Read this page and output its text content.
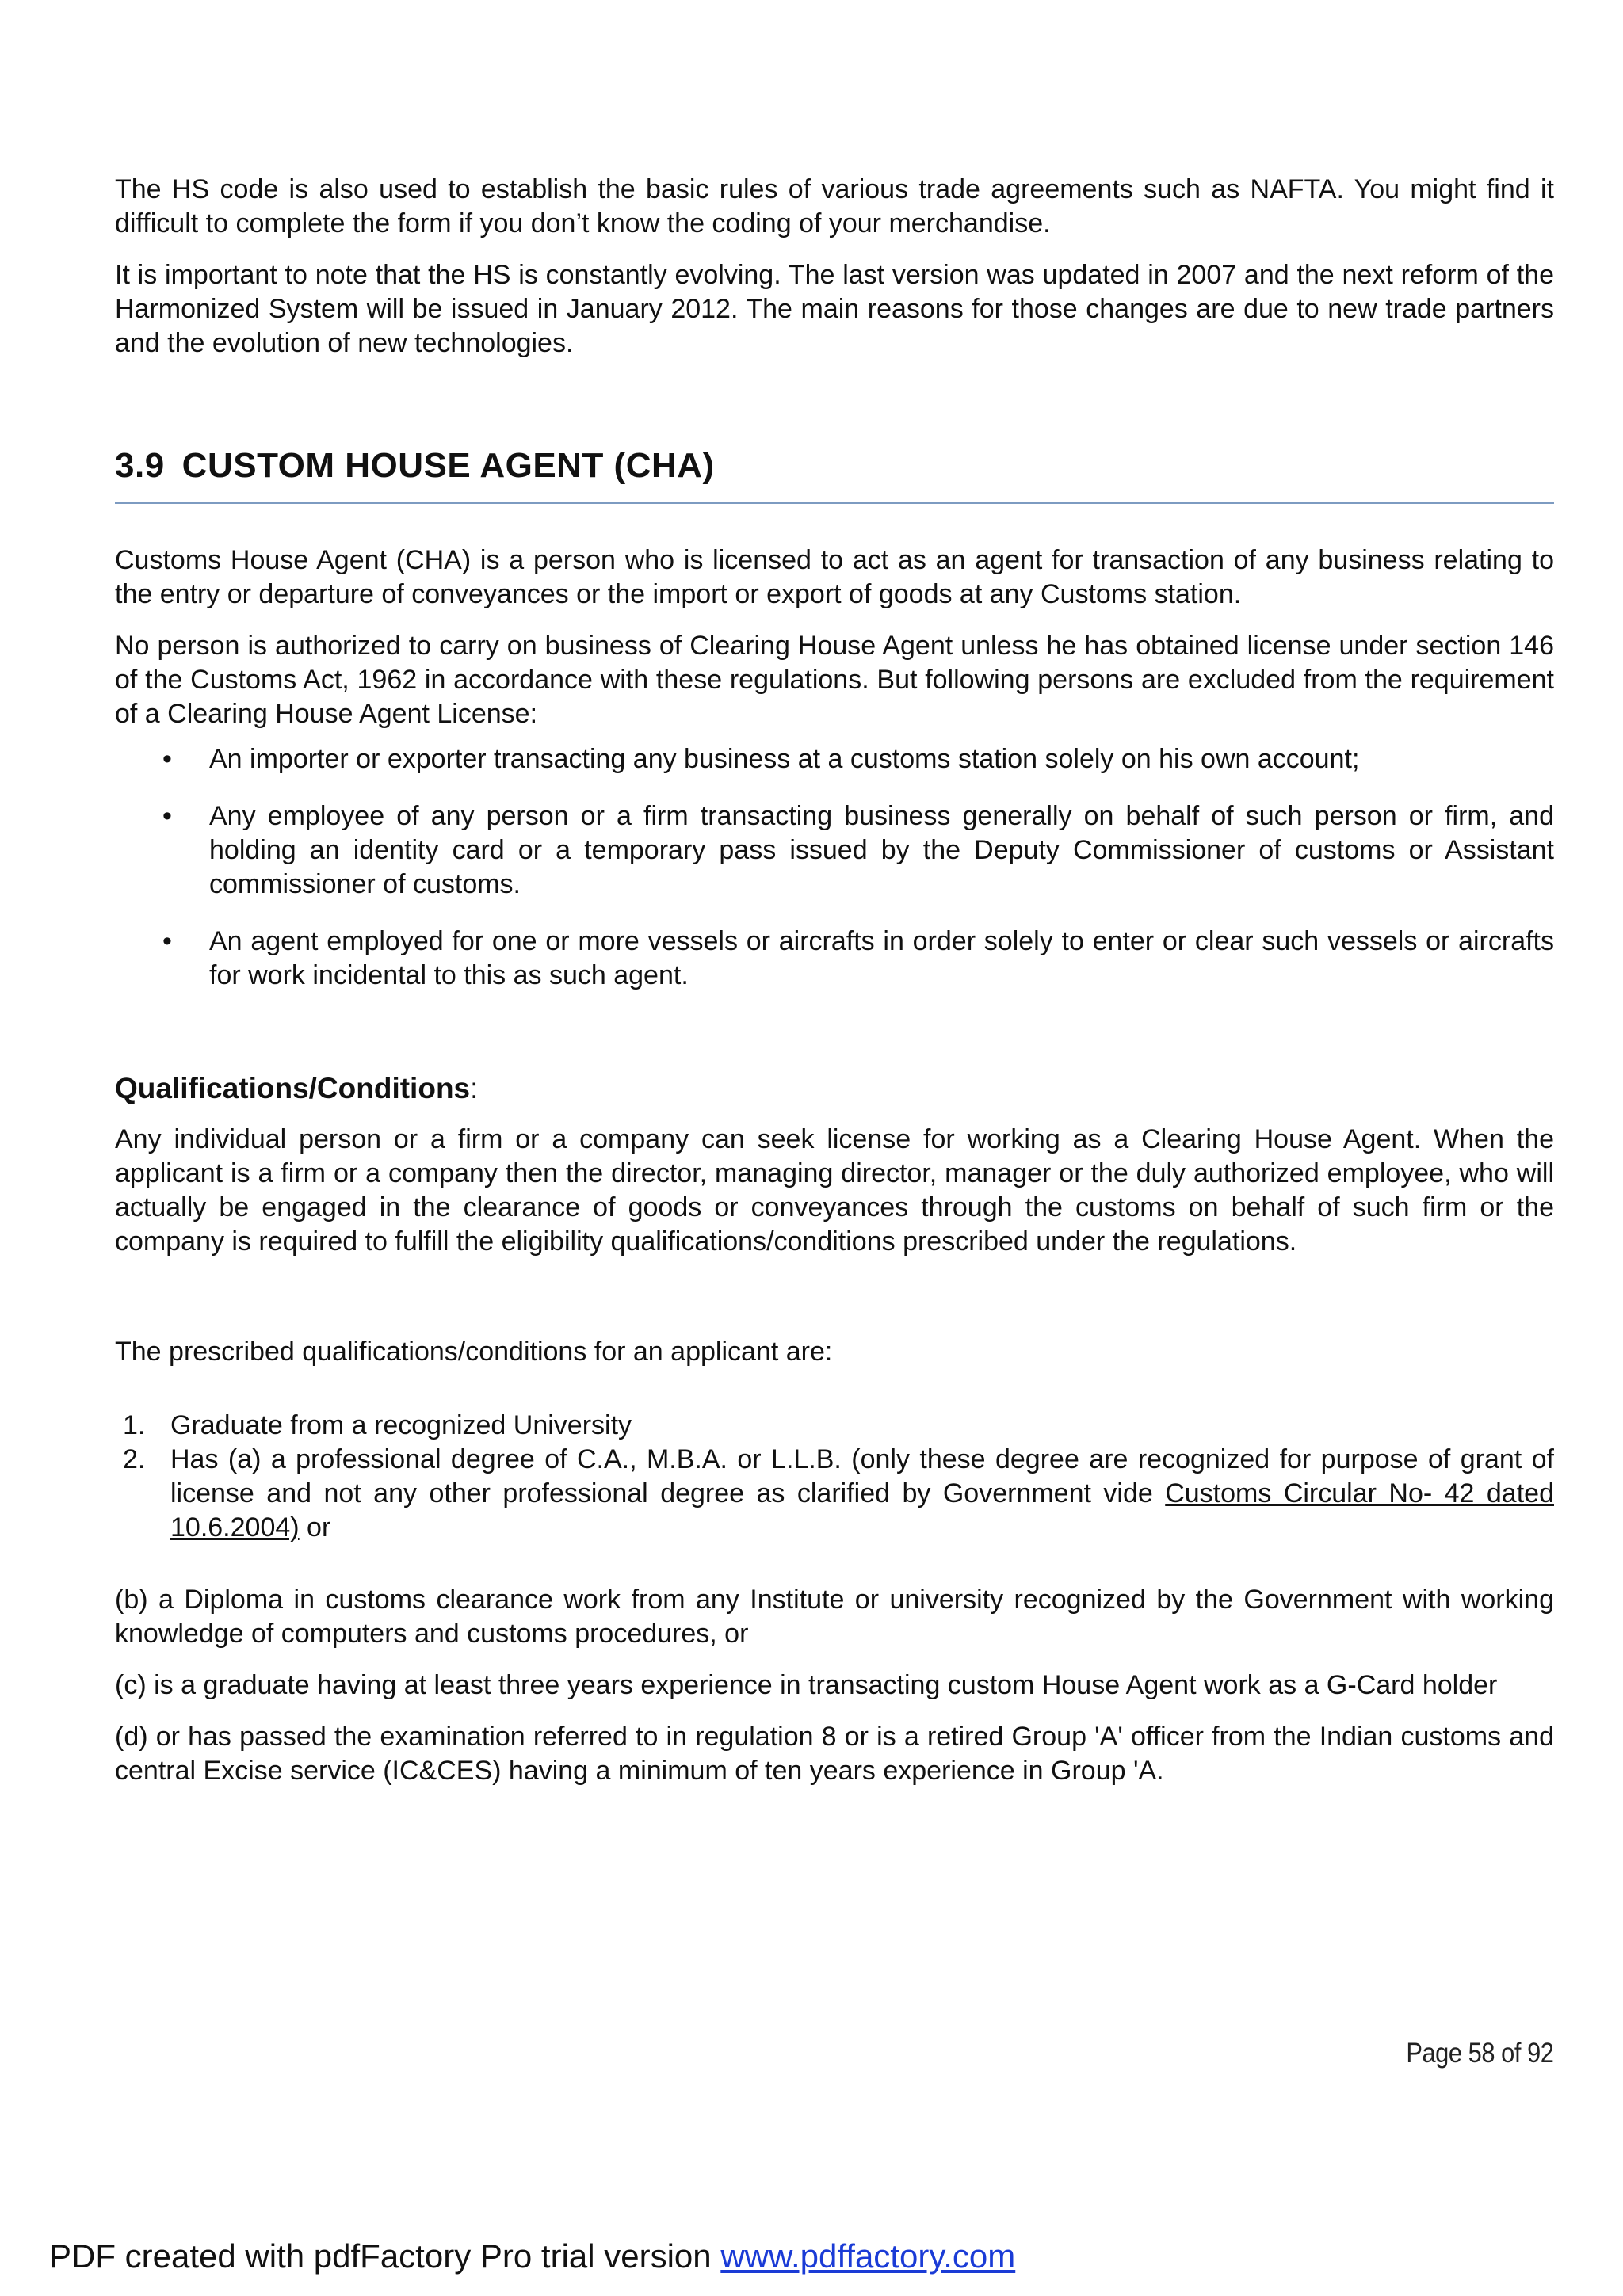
The HS code is also used to establish the basic rules of various trade agreements such as NAFTA. You might find it difficult to complete the form if you don’t know the coding of your merchandise.

It is important to note that the HS is constantly evolving. The last version was updated in 2007 and the next reform of the Harmonized System will be issued in January 2012. The main reasons for those changes are due to new trade partners and the evolution of new technologies.

3.9 CUSTOM HOUSE AGENT (CHA)

Customs House Agent (CHA) is a person who is licensed to act as an agent for transaction of any business relating to the entry or departure of conveyances or the import or export of goods at any Customs station.

No person is authorized to carry on business of Clearing House Agent unless he has obtained license under section 146 of the Customs Act, 1962 in accordance with these regulations. But following persons are excluded from the requirement of a Clearing House Agent License:

• An importer or exporter transacting any business at a customs station solely on his own account;
• Any employee of any person or a firm transacting business generally on behalf of such person or firm, and holding an identity card or a temporary pass issued by the Deputy Commissioner of customs or Assistant commissioner of customs.
• An agent employed for one or more vessels or aircrafts in order solely to enter or clear such vessels or aircrafts for work incidental to this as such agent.
Qualifications/Conditions:

Any individual person or a firm or a company can seek license for working as a Clearing House Agent. When the applicant is a firm or a company then the director, managing director, manager or the duly authorized employee, who will actually be engaged in the clearance of goods or conveyances through the customs on behalf of such firm or the company is required to fulfill the eligibility qualifications/conditions prescribed under the regulations.

The prescribed qualifications/conditions for an applicant are:

1. Graduate from a recognized University
2. Has (a) a professional degree of C.A., M.B.A. or L.L.B. (only these degree are recognized for purpose of grant of license and not any other professional degree as clarified by Government vide Customs Circular No- 42 dated 10.6.2004) or

(b) a Diploma in customs clearance work from any Institute or university recognized by the Government with working knowledge of computers and customs procedures, or

(c) is a graduate having at least three years experience in transacting custom House Agent work as a G-Card holder

(d) or has passed the examination referred to in regulation 8 or is a retired Group 'A' officer from the Indian customs and central Excise service (IC&CES) having a minimum of ten years experience in Group 'A.

Page 58 of 92
PDF created with pdfFactory Pro trial version www.pdffactory.com
